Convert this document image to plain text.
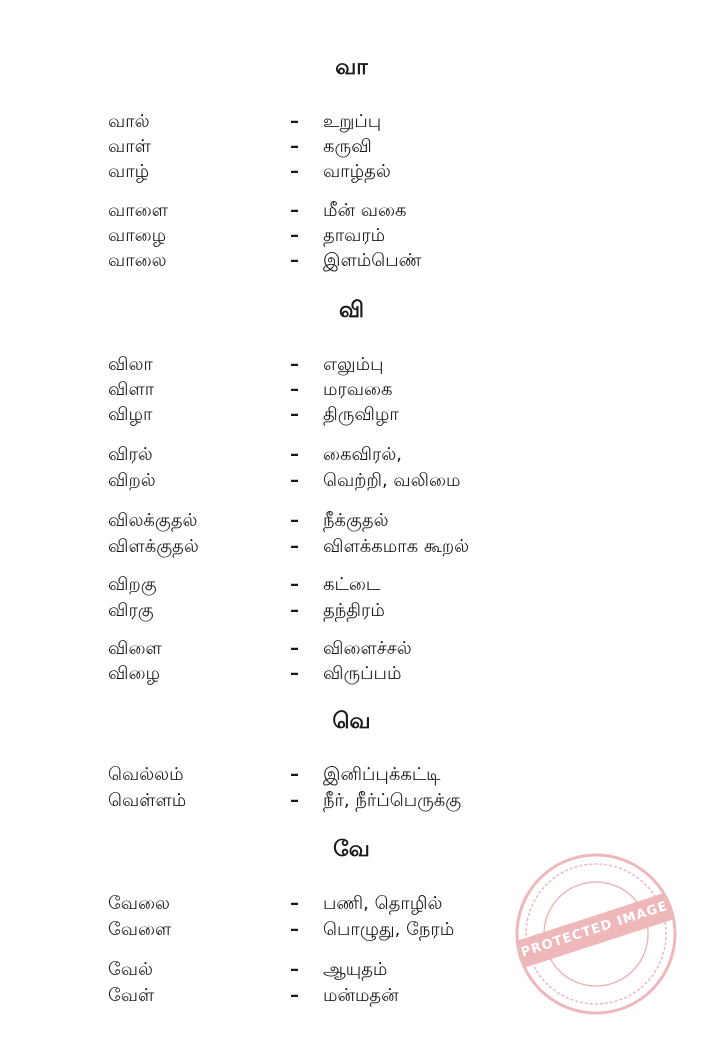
வா
வால்	– உறுப்பு
வாள்	– கருவி
வாழ்	– வாழ்தல்
வாளை	– மீன் வகை
வாழை	– தாவரம்
வாலை	– இளம்பெண்
வி
விலா	– எலும்பு
விளா	– மரவகை
விழா	– திருவிழா
விரல்	– கைவிரல்,
விறல்	– வெற்றி, வலிமை
விலக்குதல்	– நீக்குதல்
விளக்குதல்	– விளக்கமாக கூறல்
விறகு	– கட்டை
விரகு	– தந்திரம்
விளை	– விளைச்சல்
விழை	– விருப்பம்
வெ
வெல்லம்	– இனிப்புக்கட்டி
வெள்ளம்	– நீர், நீர்ப்பெருக்கு
வே
வேலை	– பணி, தொழில்
வேளை	– பொழுது, நேரம்
வேல்	– ஆயுதம்
வேள்	– மன்மதன்
PROTECTED IMAGE
